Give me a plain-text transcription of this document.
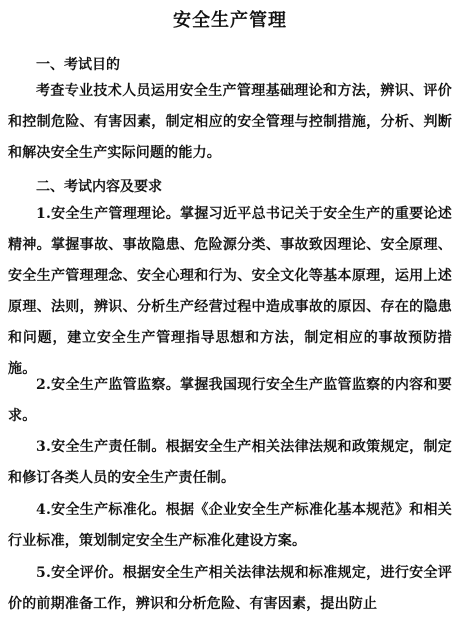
安全生产管理
一、考试目的
考查专业技术人员运用安全生产管理基础理论和方法，辨识、评价和控制危险、有害因素，制定相应的安全管理与控制措施，分析、判断和解决安全生产实际问题的能力。
二、考试内容及要求
1.安全生产管理理论。掌握习近平总书记关于安全生产的重要论述精神。掌握事故、事故隐患、危险源分类、事故致因理论、安全原理、安全生产管理理念、安全心理和行为、安全文化等基本原理，运用上述原理、法则，辨识、分析生产经营过程中造成事故的原因、存在的隐患和问题，建立安全生产管理指导思想和方法，制定相应的事故预防措施。
2.安全生产监管监察。掌握我国现行安全生产监管监察的内容和要求。
3.安全生产责任制。根据安全生产相关法律法规和政策规定，制定和修订各类人员的安全生产责任制。
4.安全生产标准化。根据《企业安全生产标准化基本规范》和相关行业标准，策划制定安全生产标准化建设方案。
5.安全评价。根据安全生产相关法律法规和标准规定，进行安全评价的前期准备工作，辨识和分析危险、有害因素，提出防止
